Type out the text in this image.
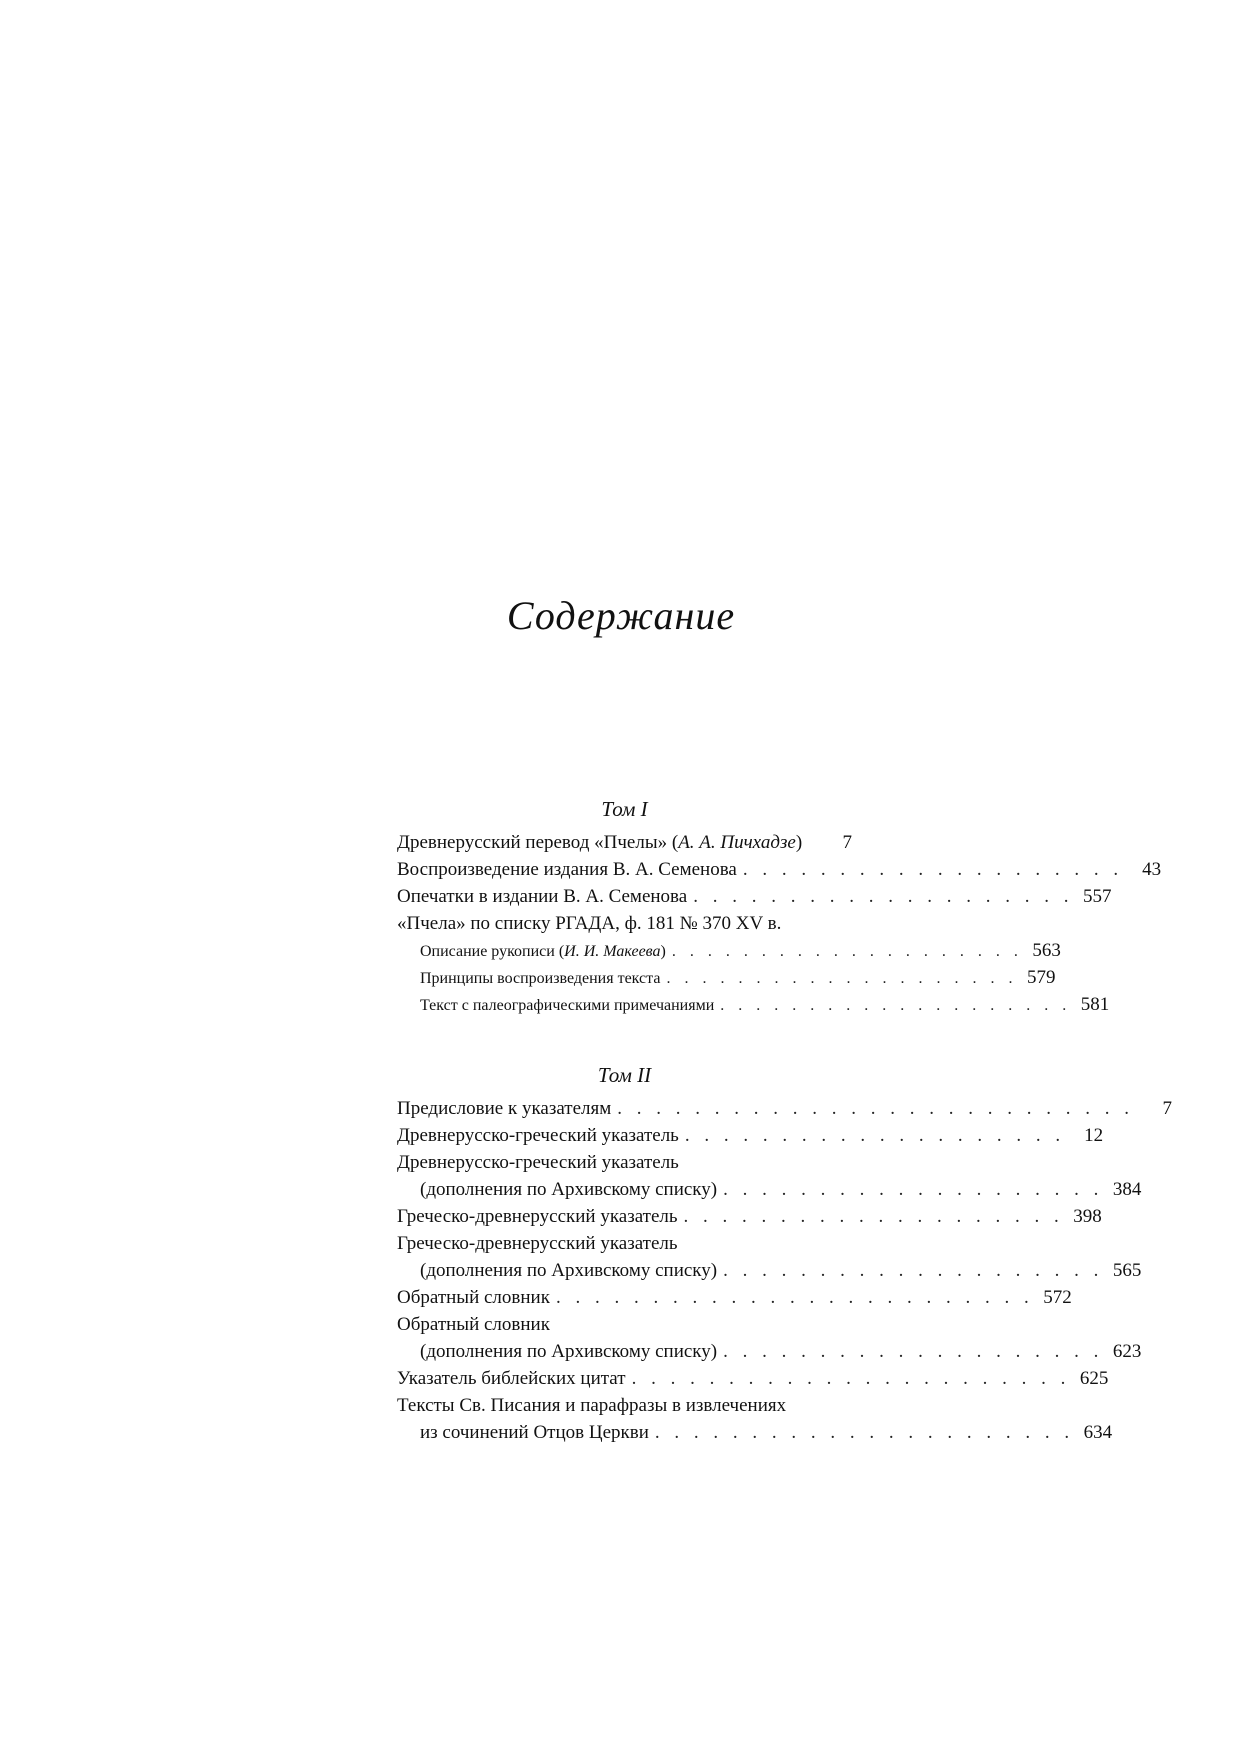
Содержание
Том I
Древнерусский перевод «Пчелы» (А. А. Пичхадзе)	7
Воспроизведение издания В. А. Семенова . . . . . . . . . . . . . . . . . . . .	43
Опечатки в издании В. А. Семенова . . . . . . . . . . . . . . . . . . . . 557
«Пчела» по списку РГАДА, ф. 181 № 370 XV в.
Описание рукописи (И. И. Макеева) . . . . . . . . . . . . . . . . . . . . 563
Принципы воспроизведения текста . . . . . . . . . . . . . . . . . . . . 579
Текст с палеографическими примечаниями . . . . . . . . . . . . . . . . . . . . 581
Том II
Предисловие к указателям . . . . . . . . . . . . . . . . . . . . . . . . . . .	7
Древнерусско-греческий указатель . . . . . . . . . . . . . . . . . . . .	12
Древнерусско-греческий указатель
(дополнения по Архивскому списку) . . . . . . . . . . . . . . . . . . . . 384
Греческо-древнерусский указатель . . . . . . . . . . . . . . . . . . . . 398
Греческо-древнерусский указатель
(дополнения по Архивскому списку) . . . . . . . . . . . . . . . . . . . . 565
Обратный словник . . . . . . . . . . . . . . . . . . . . . . . . . 572
Обратный словник
(дополнения по Архивскому списку) . . . . . . . . . . . . . . . . . . . . 623
Указатель библейских цитат . . . . . . . . . . . . . . . . . . . . . . . 625
Тексты Св. Писания и парафразы в извлечениях
из сочинений Отцов Церкви . . . . . . . . . . . . . . . . . . . . . . 634
